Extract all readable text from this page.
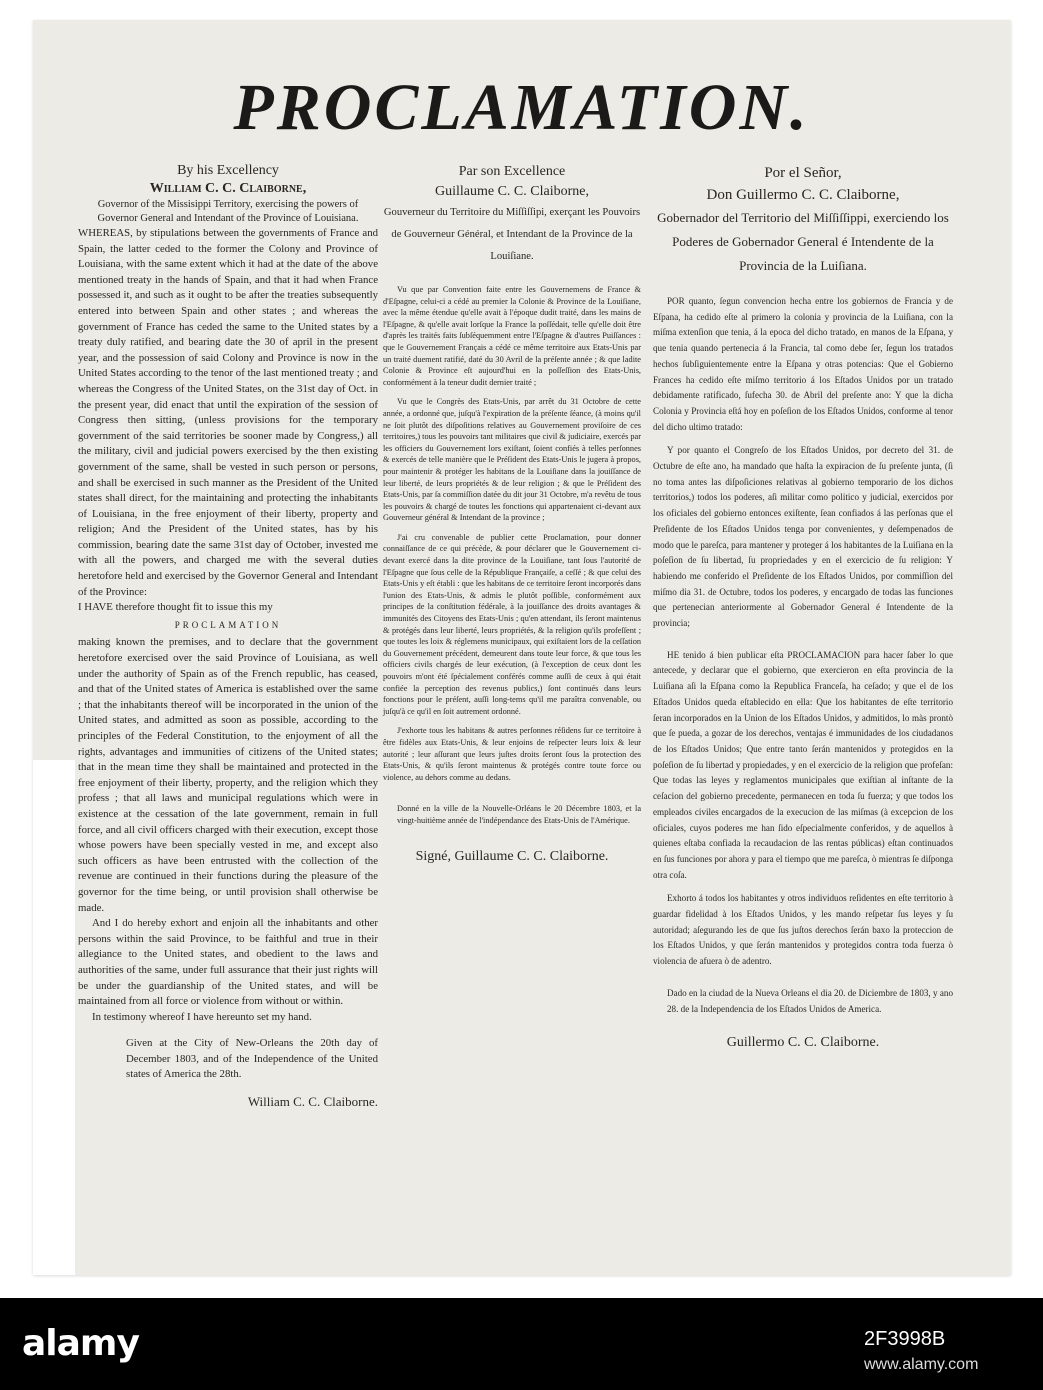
PROCLAMATION.
By his Excellency
William C. C. Claiborne,
Governor of the Missisippi Territory, exercising the powers of Governor General and Intendant of the Province of Louisiana.

WHEREAS, by stipulations between the governments of France and Spain, the latter ceded to the former the Colony and Province of Louisiana, with the same extent which it had at the date of the above mentioned treaty in the hands of Spain, and that it had when France possessed it, and such as it ought to be after the treaties subsequently entered into between Spain and other states ; and whereas the government of France has ceded the same to the United states by a treaty duly ratified, and bearing date the 30 of april in the present year, and the possession of said Colony and Province is now in the United States according to the tenor of the last mentioned treaty ; and whereas the Congress of the United States, on the 31st day of Oct. in the present year, did enact that until the expiration of the session of Congress then sitting, (unless provisions for the temporary government of the said territories be sooner made by Congress,) all the military, civil and judicial powers exercised by the then existing government of the same, shall be vested in such person or persons, and shall be exercised in such manner as the President of the United states shall direct, for the maintaining and protecting the inhabitants of Louisiana, in the free enjoyment of their liberty, property and religion; And the President of the United states, has by his commission, bearing date the same 31st day of October, invested me with all the powers, and charged me with the several duties heretofore held and exercised by the Governor General and Intendant of the Province:

I HAVE therefore thought fit to issue this my

PROCLAMATION

making known the premises, and to declare that the government heretofore exercised over the said Province of Louisiana, as well under the authority of Spain as of the French republic, has ceased, and that of the United states of America is established over the same ; that the inhabitants thereof will be incorporated in the union of the United states, and admitted as soon as possible, according to the principles of the Federal Constitution, to the enjoyment of all the rights, advantages and immunities of citizens of the United states; that in the mean time they shall be maintained and protected in the free enjoyment of their liberty, property, and the religion which they profess ; that all laws and municipal regulations which were in existence at the cessation of the late government, remain in full force, and all civil officers charged with their execution, except those whose powers have been specially vested in me, and except also such officers as have been entrusted with the collection of the revenue are continued in their functions during the pleasure of the governor for the time being, or until provision shall otherwise be made.

And I do hereby exhort and enjoin all the inhabitants and other persons within the said Province, to be faithful and true in their allegiance to the United states, and obedient to the laws and authorities of the same, under full assurance that their just rights will be under the guardianship of the United states, and will be maintained from all force or violence from without or within.

In testimony whereof I have hereunto set my hand.

Given at the City of New-Orleans the 20th day of December 1803, and of the Independence of the United states of America the 28th.

William C. C. Claiborne.
Par son Excellence
Guillaume C. C. Claiborne,
Gouverneur du Territoire du Miſſiſſipi, exerçant les Pouvoirs de Gouverneur Général, et Intendant de la Province de la Louiſiane.

Vu que par Convention faite entre les Gouvernemens de France & d'Eſpagne, celui-ci a cédé au premier la Colonie & Province de la Louiſiane, avec la même étendue qu'elle avait à l'époque dudit traité, dans les mains de l'Eſpagne, & qu'elle avait lorſque la France la poſſédait, telle qu'elle doit être d'après les traités faits ſubſéquemment entre l'Eſpagne & d'autres Puiſſances : que le Gouvernement Français a cédé ce même territoire aux Etats-Unis par un traité duement ratifié, daté du 30 Avril de la préſente année ; & que ladite Colonie & Province eſt aujourd'hui en la poſſeſſion des Etats-Unis, conformément à la teneur dudit dernier traité ;

Vu que le Congrès des Etats-Unis, par arrêt du 31 Octobre de cette année, a ordonné que, juſqu'à l'expiration de la préſente ſéance, (à moins qu'il ne ſoit plutôt des diſpoſitions relatives au Gouvernement proviſoire de ces territoires,) tous les pouvoirs tant militaires que civil & judiciaire, exercés par les officiers du Gouvernement lors exiſtant, ſoient confiés à telles perſonnes & exercés de telle manière que le Préſident des Etats-Unis le jugera à propos, pour maintenir & protéger les habitans de la Louiſiane dans la jouiſſance de leur liberté, de leurs propriétés & de leur religion ; & que le Préſident des Etats-Unis, par ſa commiſſion datée du dit jour 31 Octobre, m'a revêtu de tous les pouvoirs & chargé de toutes les fonctions qui appartenaient ci-devant aux Gouverneur général & Intendant de la province ;

J'ai cru convenable de publier cette Proclamation, pour donner connaiſſance de ce qui précède, & pour déclarer que le Gouvernement ci-devant exercé dans la dite province de la Louiſiane, tant ſous l'autorité de l'Eſpagne que ſous celle de la République Françaiſe, a ceſſé ; & que celui des Etats-Unis y eſt établi : que les habitans de ce territoire ſeront incorporés dans l'union des Etats-Unis, & admis le plutôt poſſible, conformément aux principes de la conſtitution fédérale, à la jouiſſance des droits avantages & immunités des Citoyens des Etats-Unis ; qu'en attendant, ils ſeront maintenus & protégés dans leur liberté, leurs propriétés, & la religion qu'ils profeſſent ; que toutes les loix & réglemens municipaux, qui exiſtaient lors de la ceſſation du Gouvernement précédent, demeurent dans toute leur force, & que tous les officiers civils chargés de leur exécution, (à l'exception de ceux dont les pouvoirs m'ont été ſpécialement conférés comme auſſi de ceux à qui était confiée la perception des revenus publics,) ſont continués dans leurs fonctions pour le préſent, auſſi long-tems qu'il me paraîtra convenable, ou juſqu'à ce qu'il en ſoit autrement ordonné.

J'exhorte tous les habitans & autres perſonnes réſidens ſur ce territoire à être fidèles aux Etats-Unis, & leur enjoins de reſpecter leurs loix & leur autorité ; leur aſſurant que leurs juſtes droits ſeront ſous la protection des Etats-Unis, & qu'ils ſeront maintenus & protégés contre toute force ou violence, au dehors comme au dedans.

Donné en la ville de la Nouvelle-Orléans le 20 Décembre 1803, et la vingt-huitième année de l'indépendance des Etats-Unis de l'Amérique.

Signé, Guillaume C. C. Claiborne.
Por el Señor,
Don Guillermo C. C. Claiborne,
Gobernador del Territorio del Miſſiſſippi, exerciendo los Poderes de Gobernador General é Intendente de la Provincia de la Luiſiana.

POR quanto, ſegun convencion hecha entre los gobiernos de Francia y de Eſpana, ha cedido eſte al primero la colonia y provincia de la Luiſiana, con la miſma extenſion que tenia, á la epoca del dicho tratado, en manos de la Eſpana, y que tenia quando pertenecia á la Francia, tal como debe ſer, ſegun los tratados hechos ſubſiguientemente entre la Eſpana y otras potencias: Que el Gobierno Frances ha cedido eſte miſmo territorio á los Eſtados Unidos por un tratado debidamente ratificado, ſufecha 30. de Abril del preſente ano: Y que la dicha Colonia y Provincia eſtá hoy en poſeſion de los Eſtados Unidos, conforme al tenor del dicho ultimo tratado:

Y por quanto el Congreſo de los Eſtados Unidos, por decreto del 31. de Octubre de eſte ano, ha mandado que haſta la expiracion de ſu preſente junta, (ſi no toma antes las diſpoſiciones relativas al gobierno temporario de los dichos territorios,) todos los poderes, aſi militar como politico y judicial, exercidos por los oficiales del gobierno entonces exiſtente, ſean confiados á las perſonas que el Preſidente de los Eſtados Unidos tenga por convenientes, y deſempenados de modo que le pareſca, para mantener y proteger á los habitantes de la Luiſiana en la poſeſion de ſu libertad, ſu propriedades y en el exercicio de ſu religion: Y habiendo me conferido el Preſidente de los Eſtados Unidos, por commiſſion del miſmo dia 31. de Octubre, todos los poderes, y encargado de todas las funciones que pertenecian anteriormente al Gobernador General é Intendente de la provincia;

HE tenido á bien publicar eſta PROCLAMACION para hacer ſaber lo que antecede, y declarar que el gobierno, que exercieron en eſta provincia de la Luiſiana aſi la Eſpana como la Republica Franceſa, ha ceſado; y que el de los Eſtados Unidos queda eſtablecido en ella: Que los habitantes de eſte territorio ſeran incorporados en la Union de los Eſtados Unidos, y admitidos, lo màs prontò que ſe pueda, a gozar de los derechos, ventajas é immunidades de los ciudadanos de los Eſtados Unidos; Que entre tanto ſerán mantenidos y protegidos en la poſeſion de ſu libertad y propiedades, y en el exercicio de la religion que profeſan: Que todas las leyes y reglamentos municipales que exiſtian al inſtante de la ceſacion del gobierno precedente, permanecen en toda ſu fuerza; y que todos los empleados civiles encargados de la execucion de las miſmas (à excepcion de los oficiales, cuyos poderes me han ſido eſpecialmente conferidos, y de aquellos à quienes eſtaba confiada la recaudacion de las rentas públicas) eſtan continuados en ſus funciones por ahora y para el tiempo que me pareſca, ò mientras ſe diſponga otra coſa.

Exhorto á todos los habitantes y otros individuos reſidentes en eſte territorio à guardar fidelidad à los Eſtados Unidos, y les mando reſpetar ſus leyes y ſu autoridad; aſegurando les de que ſus juſtos derechos ſerán baxo la proteccion de los Eſtados Unidos, y que ſerán mantenidos y protegidos contra toda fuerza ò violencia de afuera ò de adentro.

Dado en la ciudad de la Nueva Orleans el dia 20. de Diciembre de 1803, y ano 28. de la Independencia de los Eſtados Unidos de America.

Guillermo C. C. Claiborne.
alamy	2F3998B
www.alamy.com
